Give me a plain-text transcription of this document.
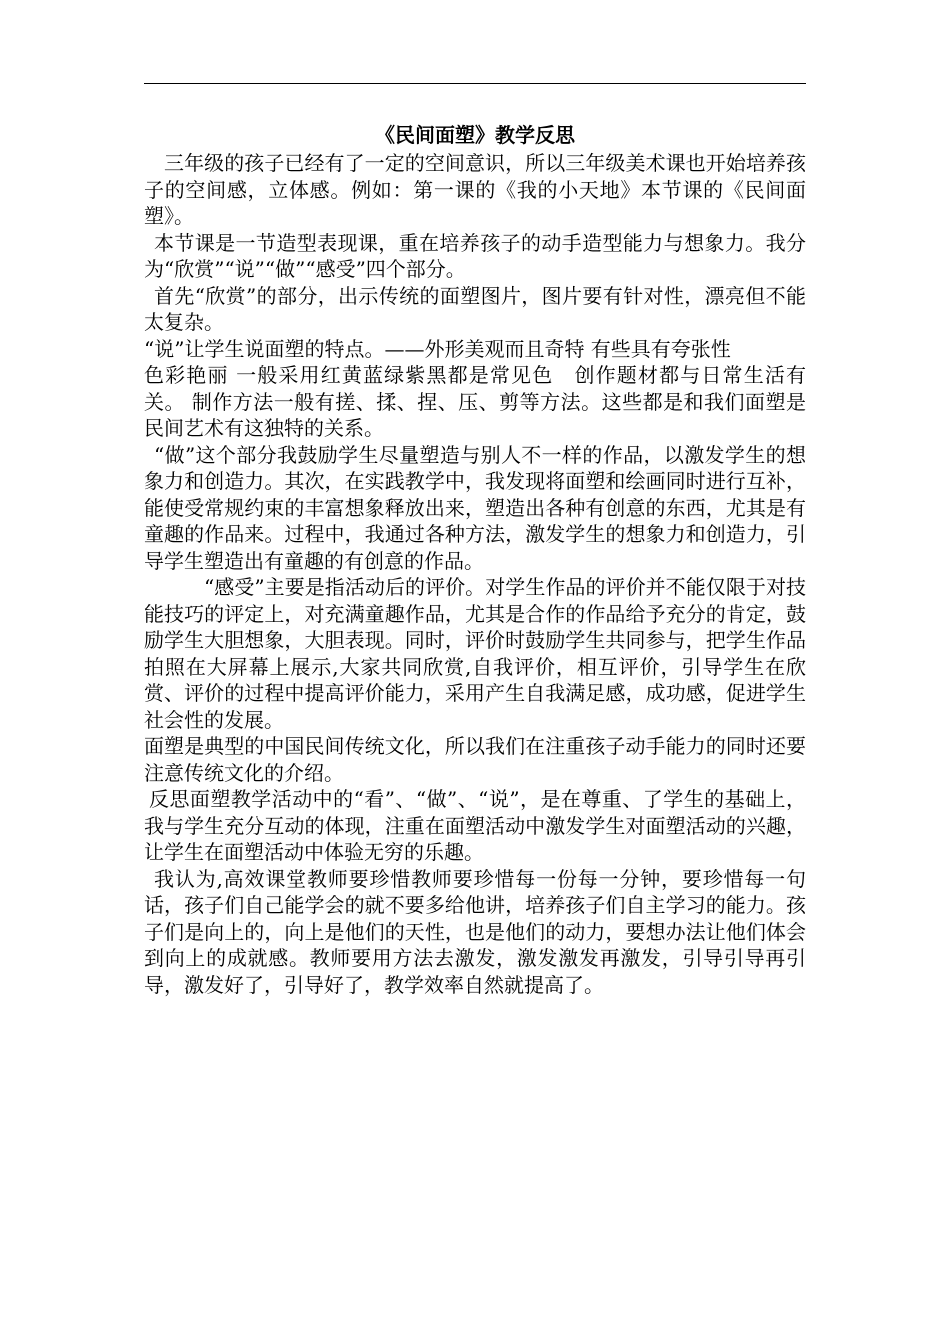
《民间面塑》教学反思

三年级的孩子已经有了一定的空间意识，所以三年级美术课也开始培养孩子的空间感，立体感。例如：第一课的《我的小天地》本节课的《民间面塑》。

本节课是一节造型表现课，重在培养孩子的动手造型能力与想象力。我分为“欣赏”“说”“做”“感受”四个部分。

首先“欣赏”的部分，出示传统的面塑图片，图片要有针对性，漂亮但不能太复杂。

“说”让学生说面塑的特点。——外形美观而且奇特 有些具有夸张性

色彩艳丽 一般采用红黄蓝绿紫黑都是常见色　创作题材都与日常生活有关。 制作方法一般有搓、揉、捏、压、剪等方法。这些都是和我们面塑是民间艺术有这独特的关系。

“做”这个部分我鼓励学生尽量塑造与别人不一样的作品，以激发学生的想象力和创造力。其次，在实践教学中，我发现将面塑和绘画同时进行互补，能使受常规约束的丰富想象释放出来，塑造出各种有创意的东西，尤其是有童趣的作品来。过程中，我通过各种方法，激发学生的想象力和创造力，引导学生塑造出有童趣的有创意的作品。

“感受”主要是指活动后的评价。对学生作品的评价并不能仅限于对技能技巧的评定上，对充满童趣作品，尤其是合作的作品给予充分的肯定，鼓励学生大胆想象，大胆表现。同时，评价时鼓励学生共同参与，把学生作品拍照在大屏幕上展示,大家共同欣赏,自我评价，相互评价，引导学生在欣赏、评价的过程中提高评价能力，采用产生自我满足感，成功感，促进学生社会性的发展。

面塑是典型的中国民间传统文化，所以我们在注重孩子动手能力的同时还要注意传统文化的介绍。

反思面塑教学活动中的“看”、“做”、“说”，是在尊重、了学生的基础上，我与学生充分互动的体现，注重在面塑活动中激发学生对面塑活动的兴趣，让学生在面塑活动中体验无穷的乐趣。

我认为,高效课堂教师要珍惜教师要珍惜每一份每一分钟，要珍惜每一句话，孩子们自己能学会的就不要多给他讲，培养孩子们自主学习的能力。孩子们是向上的，向上是他们的天性，也是他们的动力，要想办法让他们体会到向上的成就感。教师要用方法去激发，激发激发再激发，引导引导再引导，激发好了，引导好了，教学效率自然就提高了。
